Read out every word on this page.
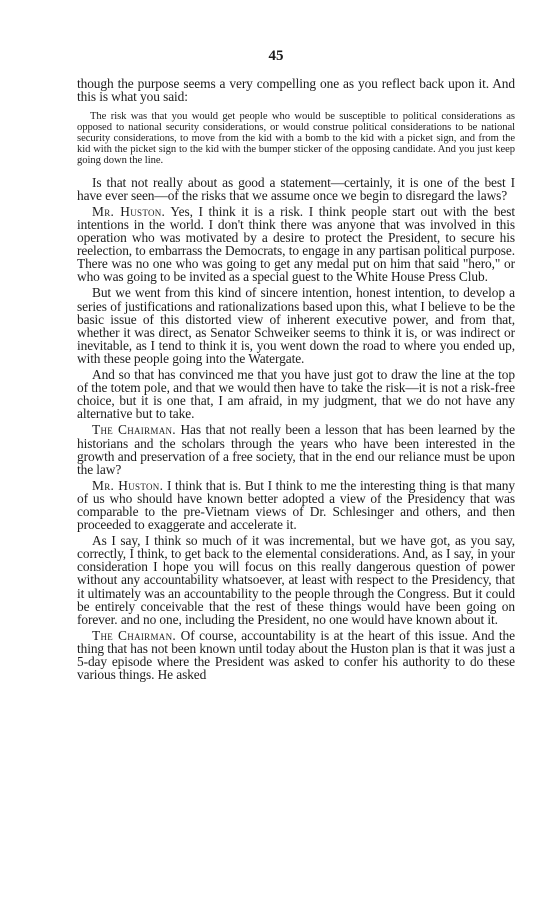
45

though the purpose seems a very compelling one as you reflect back upon it. And this is what you said:

The risk was that you would get people who would be susceptible to political considerations as opposed to national security considerations, or would construe political considerations to be national security considerations, to move from the kid with a bomb to the kid with a picket sign, and from the kid with the picket sign to the kid with the bumper sticker of the opposing candidate. And you just keep going down the line.

Is that not really about as good a statement—certainly, it is one of the best I have ever seen—of the risks that we assume once we begin to disregard the laws?

Mr. Huston. Yes, I think it is a risk. I think people start out with the best intentions in the world. I don't think there was anyone that was involved in this operation who was motivated by a desire to protect the President, to secure his reelection, to embarrass the Democrats, to engage in any partisan political purpose. There was no one who was going to get any medal put on him that said "hero," or who was going to be invited as a special guest to the White House Press Club.

But we went from this kind of sincere intention, honest intention, to develop a series of justifications and rationalizations based upon this, what I believe to be the basic issue of this distorted view of inherent executive power, and from that, whether it was direct, as Senator Schweiker seems to think it is, or was indirect or inevitable, as I tend to think it is, you went down the road to where you ended up, with these people going into the Watergate.

And so that has convinced me that you have just got to draw the line at the top of the totem pole, and that we would then have to take the risk—it is not a risk-free choice, but it is one that, I am afraid, in my judgment, that we do not have any alternative but to take.

The Chairman. Has that not really been a lesson that has been learned by the historians and the scholars through the years who have been interested in the growth and preservation of a free society, that in the end our reliance must be upon the law?

Mr. Huston. I think that is. But I think to me the interesting thing is that many of us who should have known better adopted a view of the Presidency that was comparable to the pre-Vietnam views of Dr. Schlesinger and others, and then proceeded to exaggerate and accelerate it.

As I say, I think so much of it was incremental, but we have got, as you say, correctly, I think, to get back to the elemental considerations. And, as I say, in your consideration I hope you will focus on this really dangerous question of power without any accountability whatsoever, at least with respect to the Presidency, that it ultimately was an accountability to the people through the Congress. But it could be entirely conceivable that the rest of these things would have been going on forever. and no one, including the President, no one would have known about it.

The Chairman. Of course, accountability is at the heart of this issue. And the thing that has not been known until today about the Huston plan is that it was just a 5-day episode where the President was asked to confer his authority to do these various things. He asked
